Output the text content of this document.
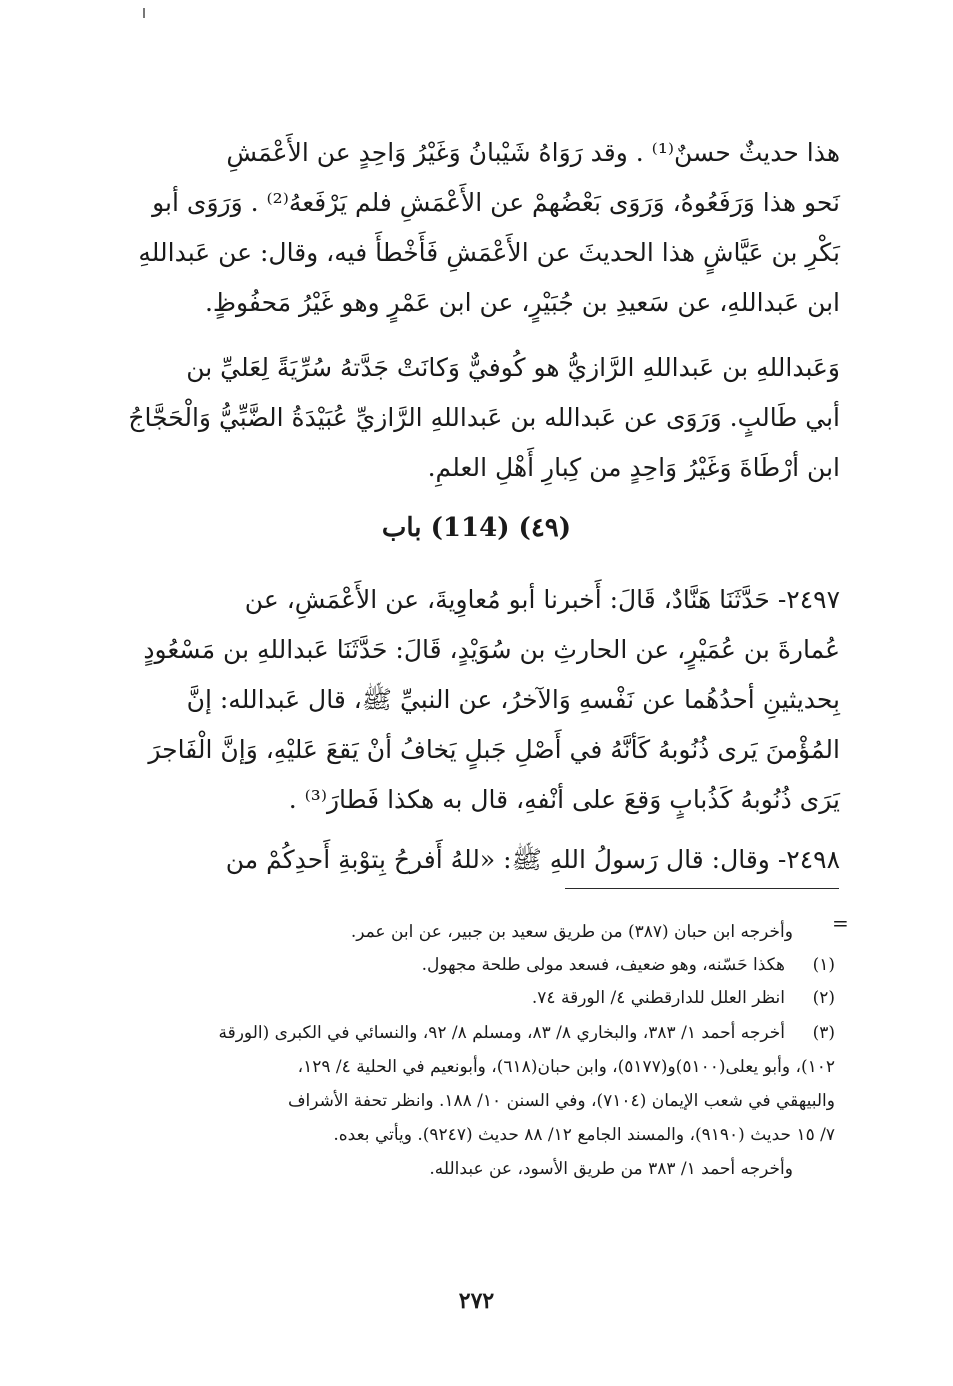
هذا حديثٌ حسنٌ⁽¹⁾ . وقد رَوَاهُ شَيْبانُ وَغَيْرُ وَاحِدٍ عن الأَعْمَشِ
نَحو هذا وَرَفَعُوهُ، وَرَوَى بَعْضُهمْ عن الأَعْمَشِ فلم يَرْفَعهُ⁽²⁾ . وَرَوَى أبو
بَكْرِ بن عَيَّاشٍ هذا الحديثَ عن الأَعْمَشِ فَأَخْطأَ فيه، وقال: عن عَبداللهِ
ابن عَبداللهِ، عن سَعيدِ بن جُبَيْرٍ، عن ابن عَمْرٍ وهو غَيْرُ مَحفُوظٍ.
وَعَبداللهِ بن عَبداللهِ الرَّازيُّ هو كُوفيٌّ وَكانَتْ جَدَّتهُ سُرِّيَةً لِعَليِّ بن
أبي طَالبٍ. وَرَوَى عن عَبدالله بن عَبداللهِ الرَّازيِّ عُبَيْدَةُ الضَّبِّيُّ وَالْحَجَّاجُ
ابن أرْطَاةَ وَغَيْرُ وَاحِدٍ من كِبارِ أَهْلِ العلمِ.
(٤٩) (114) باب
٢٤٩٧- حَدَّثَنَا هَنَّادٌ، قَالَ: أَخبرنا أبو مُعاوِيةَ، عن الأَعْمَشِ، عن
عُمارةَ بن عُمَيْرٍ، عن الحارثِ بن سُوَيْدٍ، قَالَ: حَدَّثَنَا عَبداللهِ بن مَسْعُودٍ
بِحديثينِ أحدُهُما عن نَفْسهِ وَالآخرُ، عن النبيِّ ﷺ، قال عَبدالله: إنَّ
المُؤْمنَ يَرى ذُنُوبهُ كَأنَّهُ في أَصْلِ جَبلٍ يَخافُ أنْ يَقعَ عَليْهِ، وَإنَّ الْفَاجرَ
يَرَى ذُنُوبهُ كَذُبابٍ وَقعَ على أنْفهِ، قال به هكذا فَطارَ⁽³⁾ .
٢٤٩٨- وقال: قال رَسولُ اللهِ ﷺ: «للهُ أَفرحُ بِتوْبةِ أَحدِكُمْ من
=
وأخرجه ابن حبان (٣٨٧) من طريق سعيد بن جبير، عن ابن عمر.
(١)
هكذا حَسّنه، وهو ضعيف، فسعد مولى طلحة مجهول.
(٢)
انظر العلل للدارقطني ٤/ الورقة ٧٤.
(٣)
أخرجه أحمد ١/ ٣٨٣، والبخاري ٨/ ٨٣، ومسلم ٨/ ٩٢، والنسائي في الكبرى (الورقة
١٠٢)، وأبو يعلى(٥١٠٠)و(٥١٧٧)، وابن حبان(٦١٨)، وأبونعيم في الحلية ٤/ ١٢٩،
والبيهقي في شعب الإيمان (٧١٠٤)، وفي السنن ١٠/ ١٨٨. وانظر تحفة الأشراف
٧/ ١٥ حديث (٩١٩٠)، والمسند الجامع ١٢/ ٨٨ حديث (٩٢٤٧). ويأتي بعده.
وأخرجه أحمد ١/ ٣٨٣ من طريق الأسود، عن عبدالله.
٢٧٢
